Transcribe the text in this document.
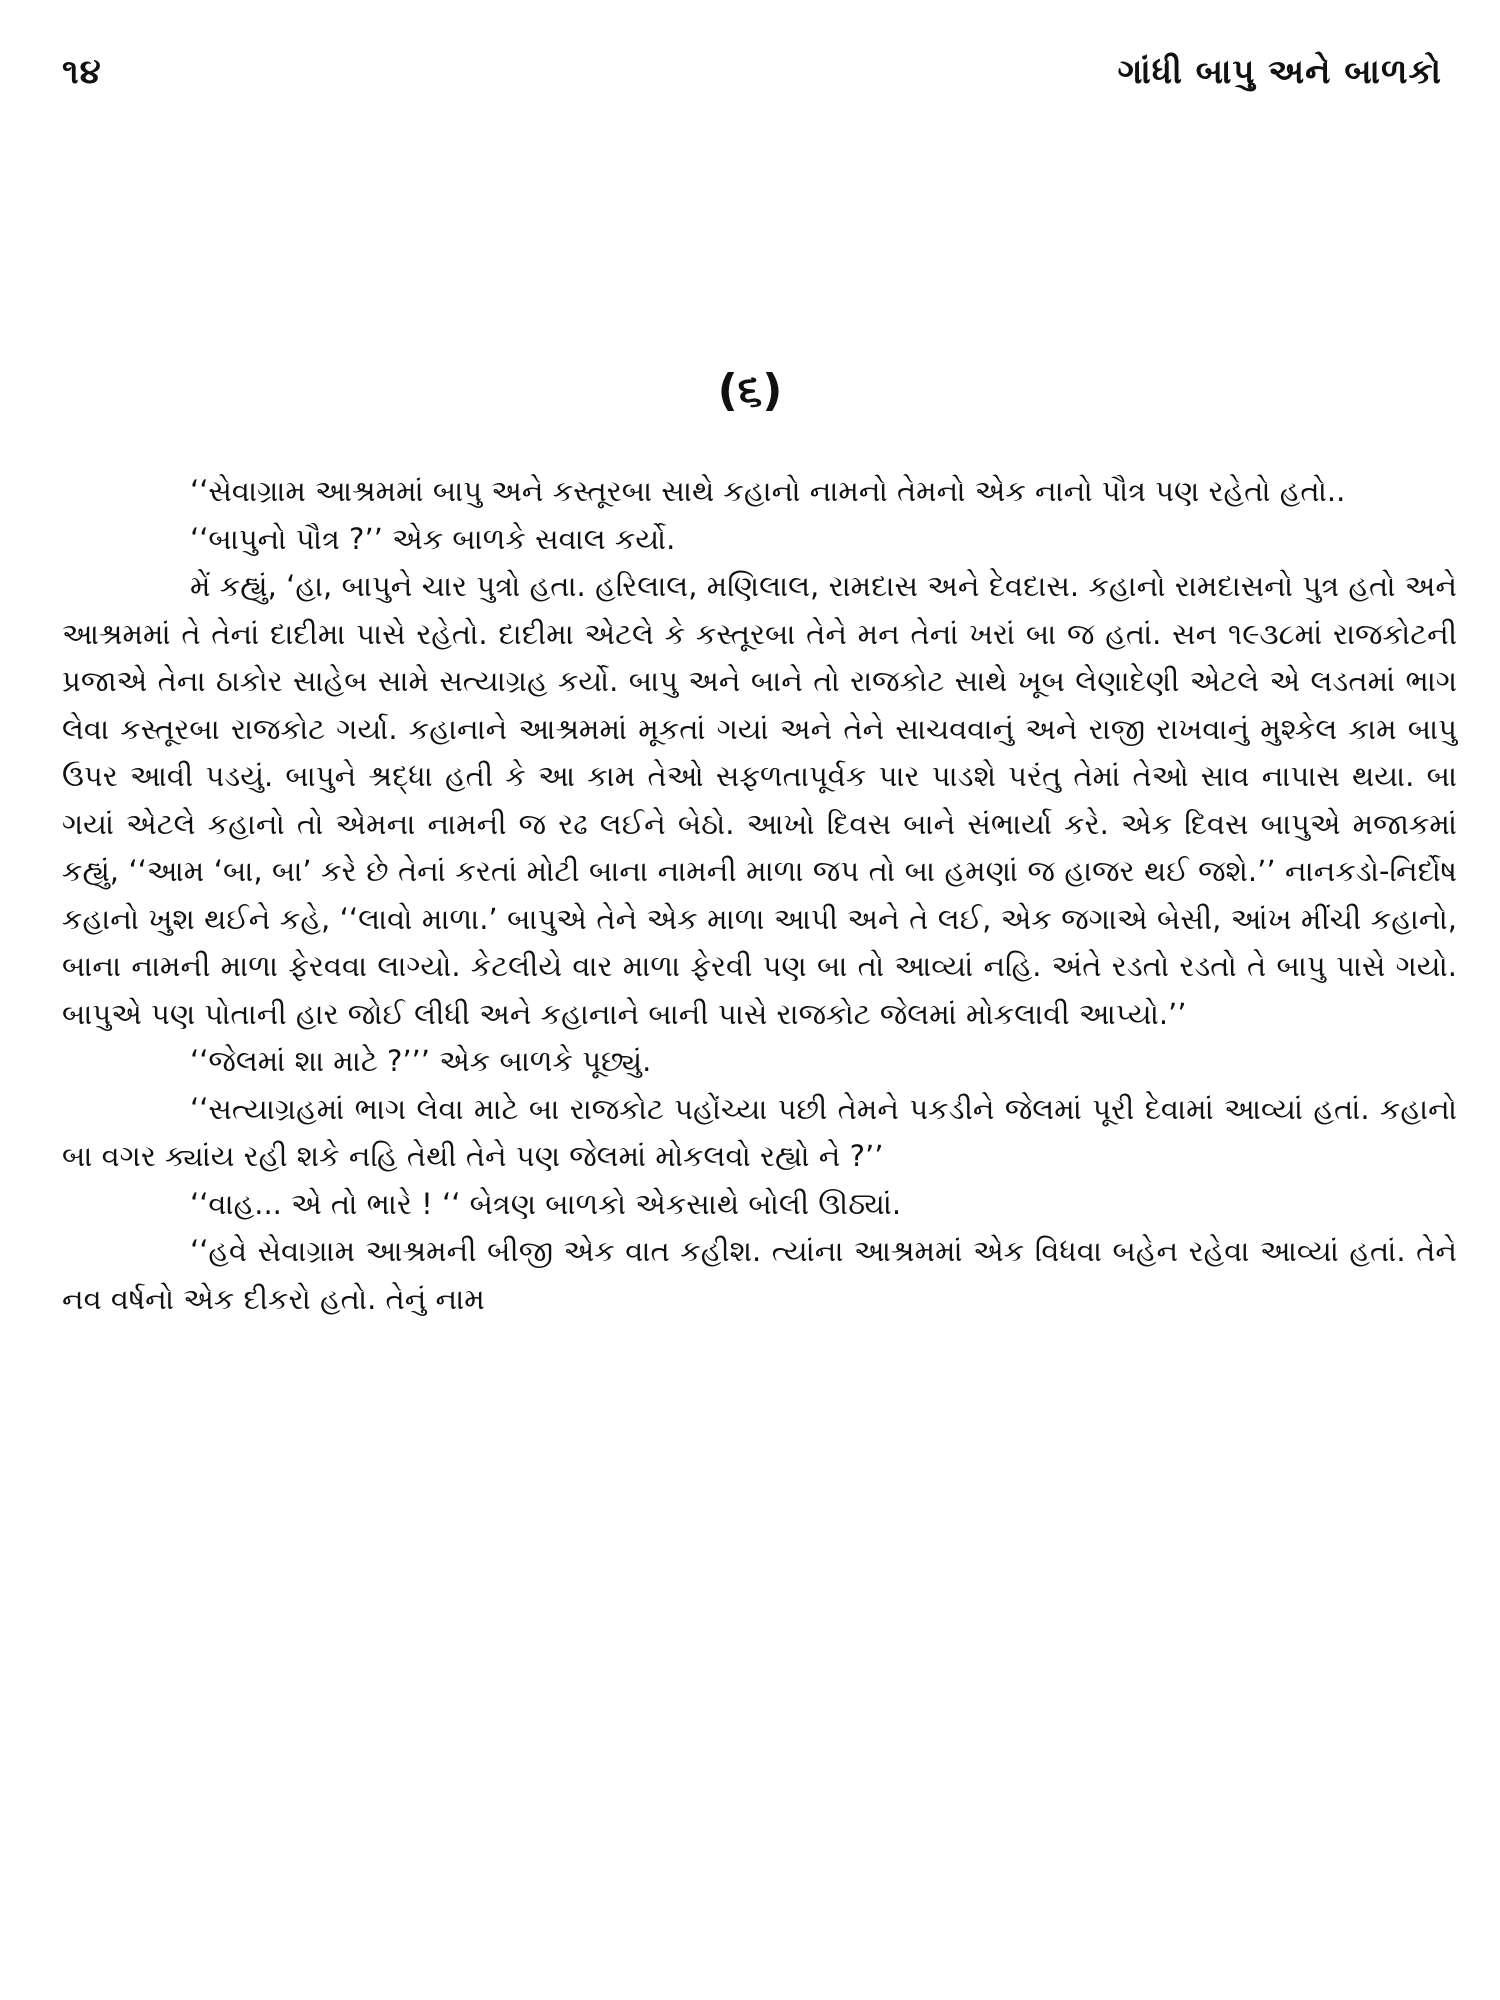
૧૪	ગાંધી બાપુ અને બાળકો
(૬)

‘‘સેવાગ્રામ આશ્રમમાં બાપુ અને કસ્તૂરબા સાથે કહાનો નામનો તેમનો એક નાનો પૌત્ર પણ રહેતો હતો..

‘‘બાપુનો પૌત્ર ?’’ એક બાળકે સવાલ કર્યો.

મેં કહ્યું, ‘હા, બાપુને ચાર પુત્રો હતા. હરિલાલ, મણિલાલ, રામદાસ અને દેવદાસ. કહાનો રામદાસનો પુત્ર હતો અને આશ્રમમાં તે તેનાં દાદીમા પાસે રહેતો. દાદીમા એટલે કે કસ્તૂરબા તેને મન તેનાં ખરાં બા જ હતાં. સન ૧૯૩૮માં રાજકોટની પ્રજાએ તેના ઠાકોર સાહેબ સામે સત્યાગ્રહ કર્યો. બાપુ અને બાને તો રાજકોટ સાથે ખૂબ લેણાદેણી એટલે એ લડતમાં ભાગ લેવા કસ્તૂરબા રાજકોટ ગર્યા. કહાનાને આશ્રમમાં મૂકતાં ગયાં અને તેને સાચવવાનું અને રાજી રાખવાનું મુશ્કેલ કામ બાપુ ઉપર આવી પડયું. બાપુને શ્રદ્ધા હતી કે આ કામ તેઓ સફળતાપૂર્વક પાર પાડશે પરંતુ તેમાં તેઓ સાવ નાપાસ થયા. બા ગયાં એટલે કહાનો તો એમના નામની જ રઢ લઈને બેઠો. આખો દિવસ બાને સંભાર્યા કરે. એક દિવસ બાપુએ મજાકમાં કહ્યું, ‘‘આમ ‘બા, બા’ કરે છે તેનાં કરતાં મોટી બાના નામની માળા જપ તો બા હમણાં જ હાજર થઈ જશે.’’ નાનકડો-નિર્દોષ કહાનો ખુશ થઈને કહે, ‘‘લાવો માળા.’ બાપુએ તેને એક માળા આપી અને તે લઈ, એક જગાએ બેસી, આંખ મીંચી કહાનો, બાના નામની માળા ફેરવવા લાગ્યો. કેટલીયે વાર માળા ફેરવી પણ બા તો આવ્યાં નહિ. અંતે રડતો રડતો તે બાપુ પાસે ગયો. બાપુએ પણ પોતાની હાર જોઈ લીધી અને કહાનાને બાની પાસે રાજકોટ જેલમાં મોકલાવી આપ્યો.’’

‘‘જેલમાં શા માટે ?’’’ એક બાળકે પૂછ્યું.

‘‘સત્યાગ્રહમાં ભાગ લેવા માટે બા રાજકોટ પહોંચ્યા પછી તેમને પકડીને જેલમાં પૂરી દેવામાં આવ્યાં હતાં. કહાનો બા વગર ક્યાંય રહી શકે નહિ તેથી તેને પણ જેલમાં મોકલવો રહ્યો ને ?’’

‘‘વાહ... એ તો ભારે ! ‘‘ બેત્રણ બાળકો એકસાથે બોલી ઊઠ્યાં.

‘‘હવે સેવાગ્રામ આશ્રમની બીજી એક વાત કહીશ. ત્યાંના આશ્રમમાં એક વિધવા બહેન રહેવા આવ્યાં હતાં. તેને નવ વર્ષનો એક દીકરો હતો. તેનું નામ
